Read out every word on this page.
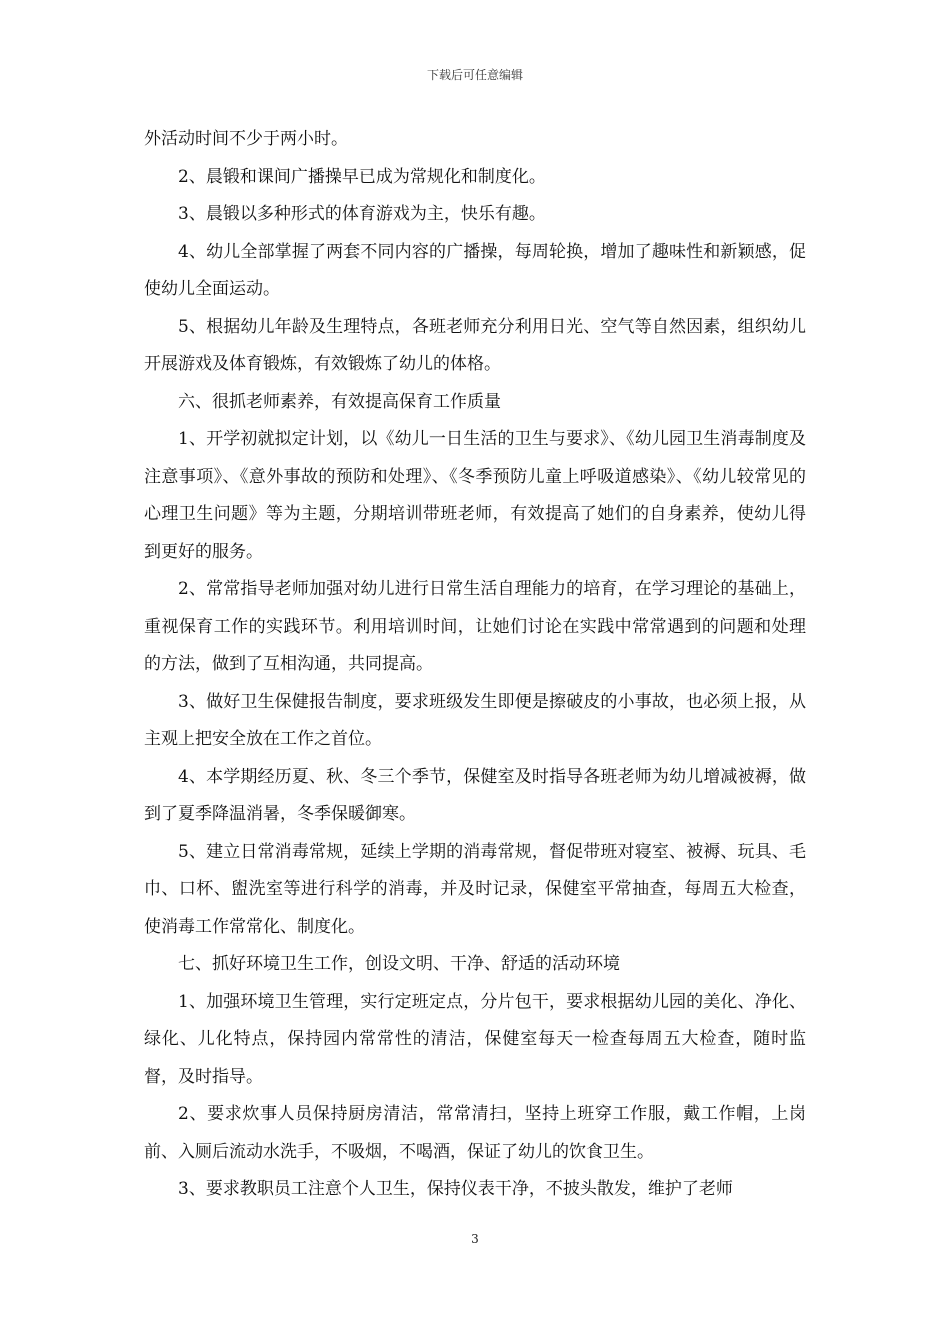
下载后可任意编辑

外活动时间不少于两小时。

2、晨锻和课间广播操早已成为常规化和制度化。

3、晨锻以多种形式的体育游戏为主，快乐有趣。

4、幼儿全部掌握了两套不同内容的广播操，每周轮换，增加了趣味性和新颖感，促使幼儿全面运动。

5、根据幼儿年龄及生理特点，各班老师充分利用日光、空气等自然因素，组织幼儿开展游戏及体育锻炼，有效锻炼了幼儿的体格。

六、很抓老师素养，有效提高保育工作质量

1、开学初就拟定计划，以《幼儿一日生活的卫生与要求》、《幼儿园卫生消毒制度及注意事项》、《意外事故的预防和处理》、《冬季预防儿童上呼吸道感染》、《幼儿较常见的心理卫生问题》等为主题，分期培训带班老师，有效提高了她们的自身素养，使幼儿得到更好的服务。

2、常常指导老师加强对幼儿进行日常生活自理能力的培育，在学习理论的基础上，重视保育工作的实践环节。利用培训时间，让她们讨论在实践中常常遇到的问题和处理的方法，做到了互相沟通，共同提高。

3、做好卫生保健报告制度，要求班级发生即便是擦破皮的小事故，也必须上报，从主观上把安全放在工作之首位。

4、本学期经历夏、秋、冬三个季节，保健室及时指导各班老师为幼儿增减被褥，做到了夏季降温消暑，冬季保暖御寒。

5、建立日常消毒常规，延续上学期的消毒常规，督促带班对寝室、被褥、玩具、毛巾、口杯、盥洗室等进行科学的消毒，并及时记录，保健室平常抽查，每周五大检查，使消毒工作常常化、制度化。

七、抓好环境卫生工作，创设文明、干净、舒适的活动环境

1、加强环境卫生管理，实行定班定点，分片包干，要求根据幼儿园的美化、净化、绿化、儿化特点，保持园内常常性的清洁，保健室每天一检查每周五大检查，随时监督，及时指导。

2、要求炊事人员保持厨房清洁，常常清扫，坚持上班穿工作服，戴工作帽，上岗前、入厕后流动水洗手，不吸烟，不喝酒，保证了幼儿的饮食卫生。

3、要求教职员工注意个人卫生，保持仪表干净，不披头散发，维护了老师

3
